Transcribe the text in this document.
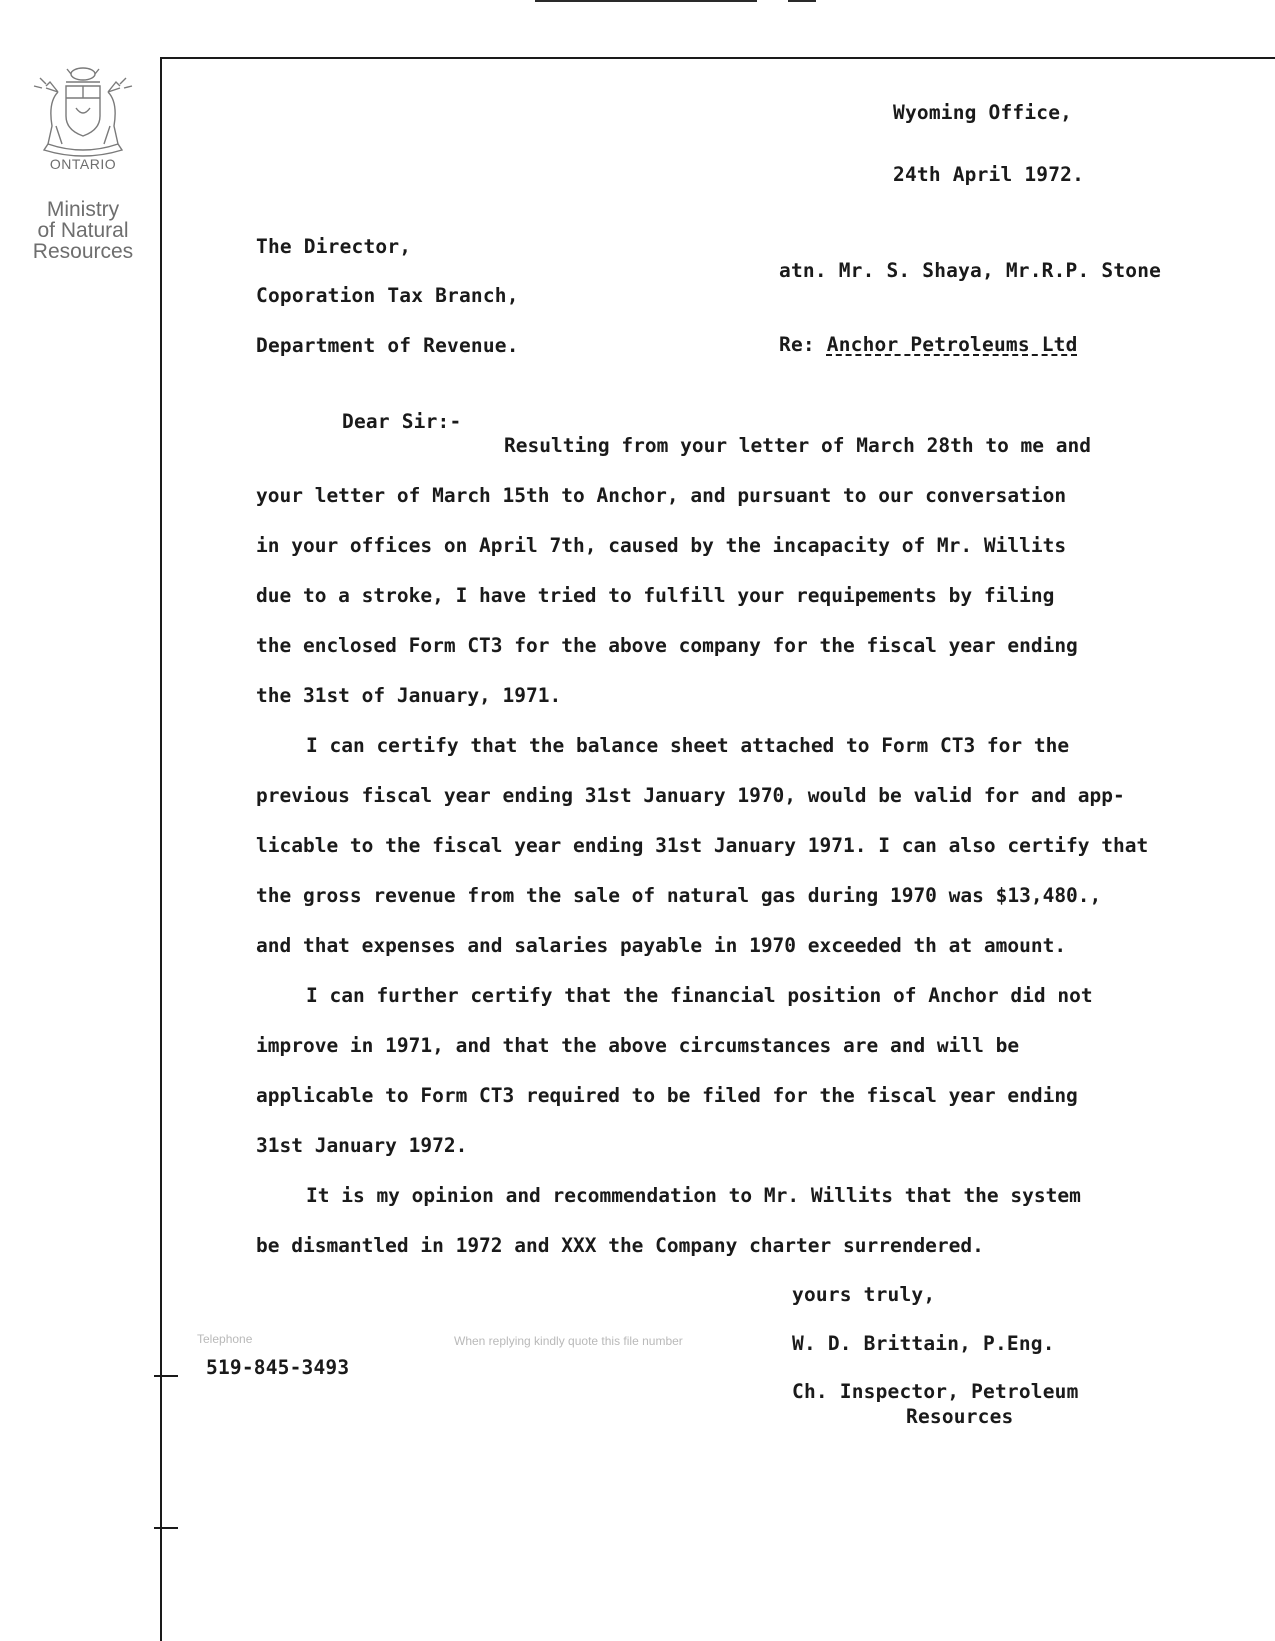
ONTARIO
Ministry
of Natural
Resources
Wyoming Office,
24th April 1972.
The Director,
Coporation Tax Branch,
Department of Revenue.
atn. Mr. S. Shaya, Mr.R.P. Stone
Re: Anchor Petroleums Ltd
Dear Sir:-
Resulting from your letter of March 28th to me and
your letter of March 15th to Anchor, and pursuant to our conversation
in your offices on April 7th, caused by the incapacity of Mr. Willits
due to a stroke, I have tried to fulfill your requipements by filing
the enclosed Form CT3 for the above company for the fiscal year ending
the 31st of January, 1971.
I can certify that the balance sheet attached to Form CT3 for the
previous fiscal year ending 31st January 1970, would be valid for and app-
licable to the fiscal year ending 31st January 1971. I can also certify that
the gross revenue from the sale of natural gas during 1970 was $13,480.,
and that expenses and salaries payable in 1970 exceeded th at amount.
I can further certify that the financial position of Anchor did not
improve in 1971, and that the above circumstances are and will be
applicable to Form CT3 required to be filed for the fiscal year ending
31st January 1972.
It is my opinion and recommendation to Mr. Willits that the system
be dismantled in 1972 and XXX the Company charter surrendered.
yours truly,
W. D. Brittain, P.Eng.
Ch. Inspector, Petroleum
Resources
Telephone	When replying kindly quote this file number
519-845-3493
